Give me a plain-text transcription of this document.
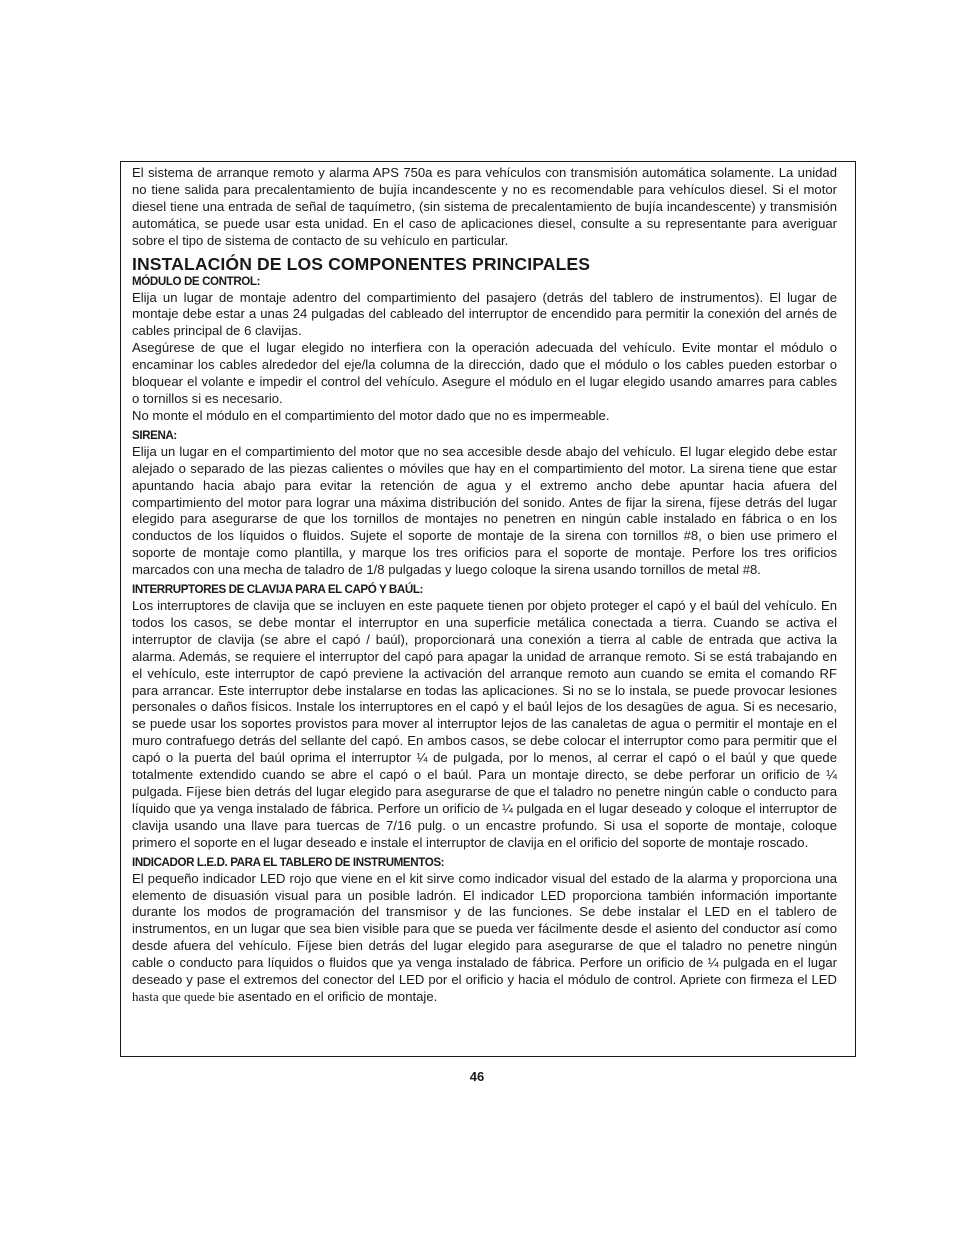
El sistema de arranque remoto y alarma APS 750a es para vehículos con transmisión automática solamente. La unidad no tiene salida para precalentamiento de bujía incandescente y no es recomendable para vehículos diesel. Si el motor diesel tiene una entrada de señal de taquímetro, (sin sistema de precalentamiento de bujía incandescente) y transmisión automática, se puede usar esta unidad. En el caso de aplicaciones diesel, consulte a su representante para averiguar sobre el tipo de sistema de contacto de su vehículo en particular.

INSTALACIÓN DE LOS COMPONENTES PRINCIPALES
MÓDULO DE CONTROL:

Elija un lugar de montaje adentro del compartimiento del pasajero (detrás del tablero de instrumentos). El lugar de montaje debe estar a unas 24 pulgadas del cableado del interruptor de encendido para permitir la conexión del arnés de cables principal de 6 clavijas.

Asegúrese de que el lugar elegido no interfiera con la operación adecuada del vehículo. Evite montar el módulo o encaminar los cables alrededor del eje/la columna de la dirección, dado que el módulo o los cables pueden estorbar o bloquear el volante e impedir el control del vehículo. Asegure el módulo en el lugar elegido usando amarres para cables o tornillos si es necesario.

No monte el módulo en el compartimiento del motor dado que no es impermeable.

SIRENA:

Elija un lugar en el compartimiento del motor que no sea accesible desde abajo del vehículo. El lugar elegido debe estar alejado o separado de las piezas calientes o móviles que hay en el compartimiento del motor. La sirena tiene que estar apuntando hacia abajo para evitar la retención de agua y el extremo ancho debe apuntar hacia afuera del compartimiento del motor para lograr una máxima distribución del sonido. Antes de fijar la sirena, fíjese detrás del lugar elegido para asegurarse de que los tornillos de montajes no penetren en ningún cable instalado en fábrica o en los conductos de los líquidos o fluidos. Sujete el soporte de montaje de la sirena con tornillos #8, o bien use primero el soporte de montaje como plantilla, y marque los tres orificios para el soporte de montaje. Perfore los tres orificios marcados con una mecha de taladro de 1/8 pulgadas y luego coloque la sirena usando tornillos de metal #8.

INTERRUPTORES DE CLAVIJA PARA EL CAPÓ Y BAÚL:

Los interruptores de clavija que se incluyen en este paquete tienen por objeto proteger el capó y el baúl del vehículo. En todos los casos, se debe montar el interruptor en una superficie metálica conectada a tierra. Cuando se activa el interruptor de clavija (se abre el capó / baúl), proporcionará una conexión a tierra al cable de entrada que activa la alarma. Además, se requiere el interruptor del capó para apagar la unidad de arranque remoto. Si se está trabajando en el vehículo, este interruptor de capó previene la activación del arranque remoto aun cuando se emita el comando RF para arrancar. Este interruptor debe instalarse en todas las aplicaciones. Si no se lo instala, se puede provocar lesiones personales o daños físicos. Instale los interruptores en el capó y el baúl lejos de los desagües de agua. Si es necesario, se puede usar los soportes provistos para mover al interruptor lejos de las canaletas de agua o permitir el montaje en el muro contrafuego detrás del sellante del capó. En ambos casos, se debe colocar el interruptor como para permitir que el capó o la puerta del baúl oprima el interruptor ¼ de pulgada, por lo menos, al cerrar el capó o el baúl y que quede totalmente extendido cuando se abre el capó o el baúl. Para un montaje directo, se debe perforar un orificio de ¼ pulgada. Fíjese bien detrás del lugar elegido para asegurarse de que el taladro no penetre ningún cable o conducto para líquido que ya venga instalado de fábrica. Perfore un orificio de ¼ pulgada en el lugar deseado y coloque el interruptor de clavija usando una llave para tuercas de 7/16 pulg. o un encastre profundo. Si usa el soporte de montaje, coloque primero el soporte en el lugar deseado e instale el interruptor de clavija en el orificio del soporte de montaje roscado.

INDICADOR L.E.D. PARA EL TABLERO DE INSTRUMENTOS:

El pequeño indicador LED rojo que viene en el kit sirve como indicador visual del estado de la alarma y proporciona una elemento de disuasión visual para un posible ladrón. El indicador LED proporciona también información importante durante los modos de programación del transmisor y de las funciones. Se debe instalar el LED en el tablero de instrumentos, en un lugar que sea bien visible para que se pueda ver fácilmente desde el asiento del conductor así como desde afuera del vehículo. Fíjese bien detrás del lugar elegido para asegurarse de que el taladro no penetre ningún cable o conducto para líquidos o fluidos que ya venga instalado de fábrica. Perfore un orificio de ¼ pulgada en el lugar deseado y pase el extremos del conector del LED por el orificio y hacia el módulo de control. Apriete con firmeza el LED hasta que quede bie asentado en el orificio de montaje.

46
